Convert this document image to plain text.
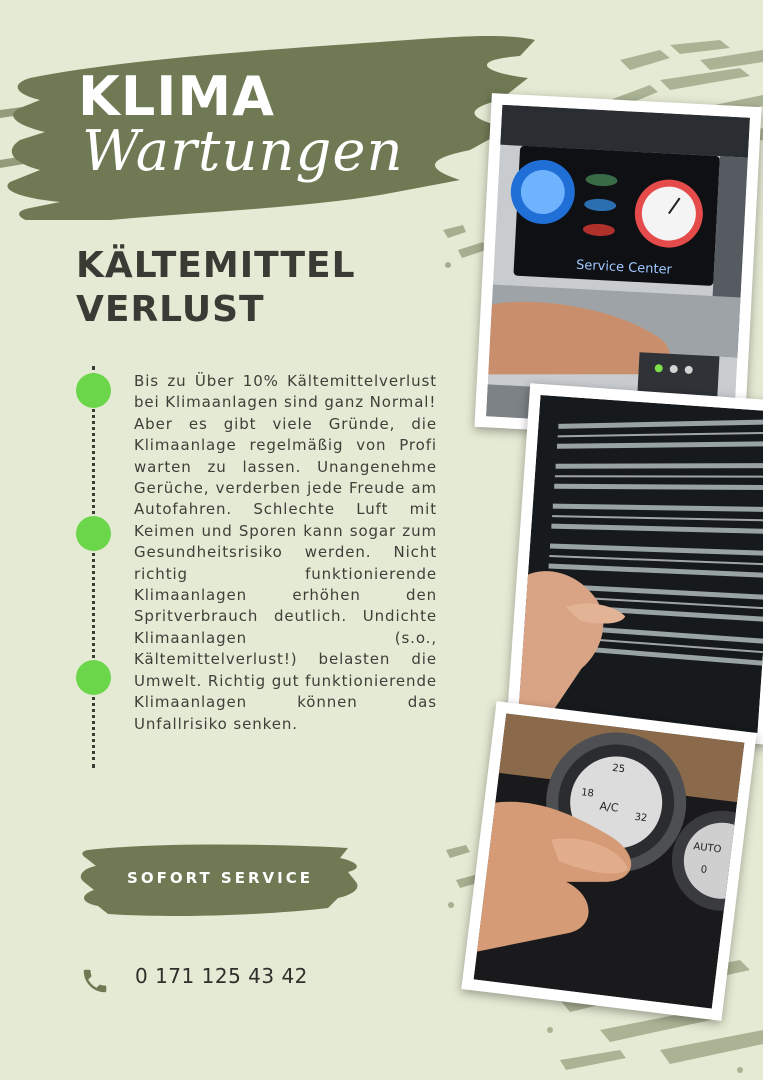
KLIMA
Wartungen
KÄLTEMITTEL
VERLUST

Bis zu Über 10% Kältemittelverlust bei Klimaanlagen sind ganz Normal!
Aber es gibt viele Gründe, die Klimaanlage regelmäßig von Profi warten zu lassen. Unangenehme Gerüche, verderben jede Freude am Autofahren. Schlechte Luft mit Keimen und Sporen kann sogar zum Gesundheitsrisiko werden. Nicht richtig funktionierende Klimaanlagen erhöhen den Spritverbrauch deutlich. Undichte Klimaanlagen (s.o., Kältemittelverlust!) belasten die Umwelt. Richtig gut funktionierende Klimaanlagen können das Unfallrisiko senken.

SOFORT SERVICE
0 171 125 43 42
Service Center
18
25
32
A/C
AUTO
0
